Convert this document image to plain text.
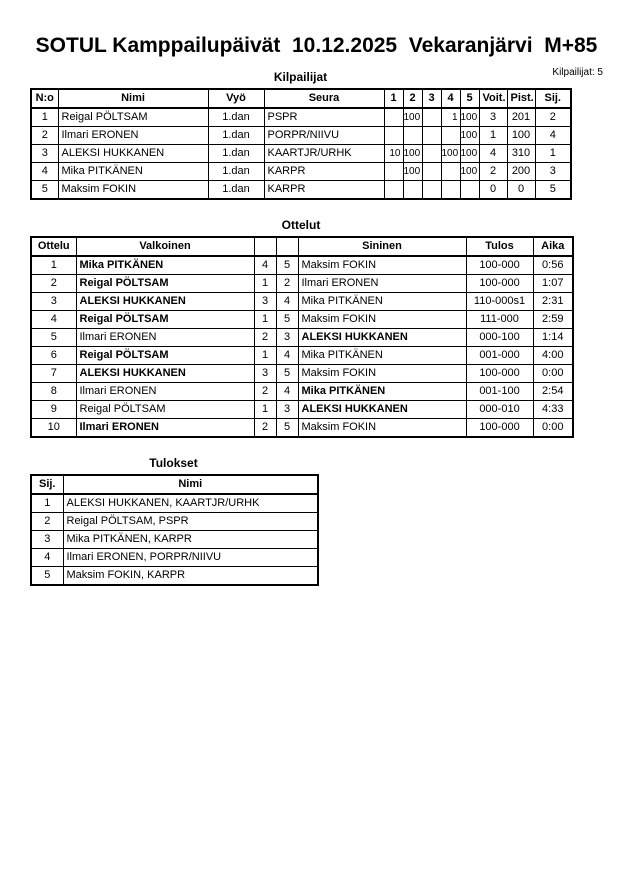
SOTUL Kamppailupäivät  10.12.2025  Vekaranjärvi  M+85
Kilpailijat: 5
Kilpailijat
N:o	Nimi	Vyö	Seura	1	2	3	4	5	Voit.	Pist.	Sij.
1	Reigal PÖLTSAM	1.dan	PSPR		100		1	100	3	201	2
2	Ilmari ERONEN	1.dan	PORPR/NIIVU					100	1	100	4
3	ALEKSI HUKKANEN	1.dan	KAARTJR/URHK	10	100		100	100	4	310	1
4	Mika PITKÄNEN	1.dan	KARPR		100			100	2	200	3
5	Maksim FOKIN	1.dan	KARPR						0	0	5
Ottelut
Ottelu	Valkoinen			Sininen	Tulos	Aika
1	Mika PITKÄNEN	4	5	Maksim FOKIN	100-000	0:56
2	Reigal PÖLTSAM	1	2	Ilmari ERONEN	100-000	1:07
3	ALEKSI HUKKANEN	3	4	Mika PITKÄNEN	110-000s1	2:31
4	Reigal PÖLTSAM	1	5	Maksim FOKIN	111-000	2:59
5	Ilmari ERONEN	2	3	ALEKSI HUKKANEN	000-100	1:14
6	Reigal PÖLTSAM	1	4	Mika PITKÄNEN	001-000	4:00
7	ALEKSI HUKKANEN	3	5	Maksim FOKIN	100-000	0:00
8	Ilmari ERONEN	2	4	Mika PITKÄNEN	001-100	2:54
9	Reigal PÖLTSAM	1	3	ALEKSI HUKKANEN	000-010	4:33
10	Ilmari ERONEN	2	5	Maksim FOKIN	100-000	0:00
Tulokset
Sij.	Nimi
1	ALEKSI HUKKANEN, KAARTJR/URHK
2	Reigal PÖLTSAM, PSPR
3	Mika PITKÄNEN, KARPR
4	Ilmari ERONEN, PORPR/NIIVU
5	Maksim FOKIN, KARPR
